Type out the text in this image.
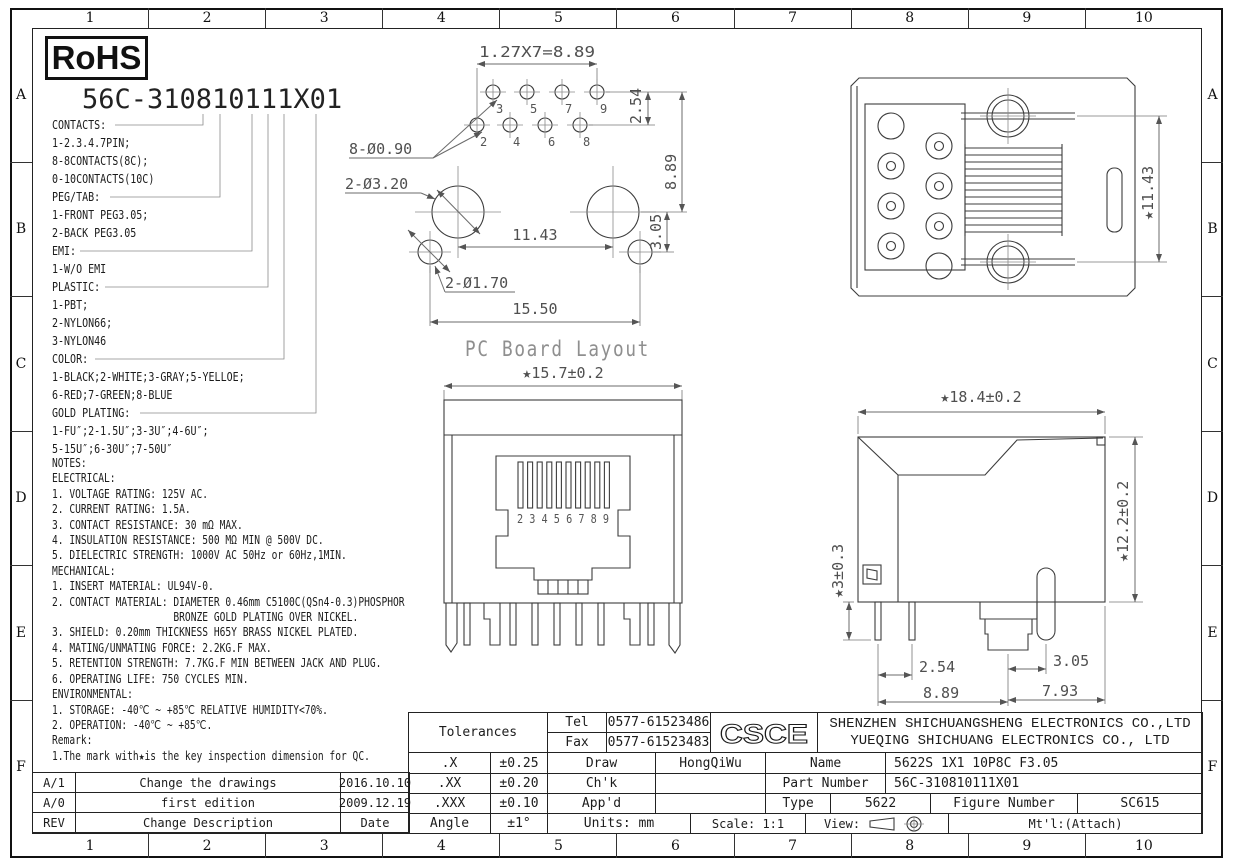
1	2	3	4	5	6	7	8	9	10
1	2	3	4	5	6	7	8	9	10
A
B
C
D
E
F
A
B
C
D
E
F
RoHS
56C-310810111X01
CONTACTS:
1-2.3.4.7PIN;
8-8CONTACTS(8C);
0-10CONTACTS(10C)
PEG/TAB:
1-FRONT PEG3.05;
2-BACK PEG3.05
EMI:
1-W/O EMI
PLASTIC:
1-PBT;
2-NYLON66;
3-NYLON46
COLOR:
1-BLACK;2-WHITE;3-GRAY;5-YELLOE;
6-RED;7-GREEN;8-BLUE
GOLD PLATING:
1-FU″;2-1.5U″;3-3U″;4-6U″;
5-15U″;6-30U″;7-50U″
NOTES:
ELECTRICAL:
1. VOLTAGE RATING: 125V AC.
2. CURRENT RATING: 1.5A.
3. CONTACT RESISTANCE: 30 mΩ MAX.
4. INSULATION RESISTANCE: 500 MΩ MIN @ 500V DC.
5. DIELECTRIC STRENGTH: 1000V AC 50Hz or 60Hz,1MIN.
MECHANICAL:
1. INSERT MATERIAL: UL94V-0.
2. CONTACT MATERIAL: DIAMETER 0.46mm C5100C(QSn4-0.3)PHOSPHOR
BRONZE GOLD PLATING OVER NICKEL.
3. SHIELD: 0.20mm THICKNESS H65Y BRASS NICKEL PLATED.
4. MATING/UNMATING FORCE: 2.2KG.F MAX.
5. RETENTION STRENGTH: 7.7KG.F MIN BETWEEN JACK AND PLUG.
6. OPERATING LIFE: 750 CYCLES MIN.
ENVIRONMENTAL:
1. STORAGE: -40℃ ~ +85℃ RELATIVE HUMIDITY<70%.
2. OPERATION: -40℃ ~ +85℃.
Remark:
1.The mark with★is the key inspection dimension for QC.
1.27X7=8.89
3 5 7 9
2 4 6 8
8-Ø0.90
2-Ø3.20
11.43
2-Ø1.70
15.50
2.54
8.89
3.05
PC Board Layout
★15.7±0.2
2 3 4 5 6 7 8 9
★11.43
★18.4±0.2
★12.2±0.2
★3±0.3
2.54	3.05
8.89	7.93
A/1	Change the drawings	2016.10.10
A/0	first edition	2009.12.19
REV	Change Description	Date
Tolerances
Tel	0577-61523486
Fax	0577-61523483 CSCE SHENZHEN SHICHUANGSHENG ELECTRONICS CO.,LTD
YUEQING SHICHUANG ELECTRONICS CO., LTD
.X	±0.25	Draw	HongQiWu	Name	5622S 1X1 10P8C F3.05
.XX	±0.20	Ch'k	Part Number	56C-310810111X01
.XXX	±0.10	App'd	Type	5622	Figure Number	SC615
Angle	±1°	Units: mm	Scale: 1:1	View:	Mt'l:(Attach)
